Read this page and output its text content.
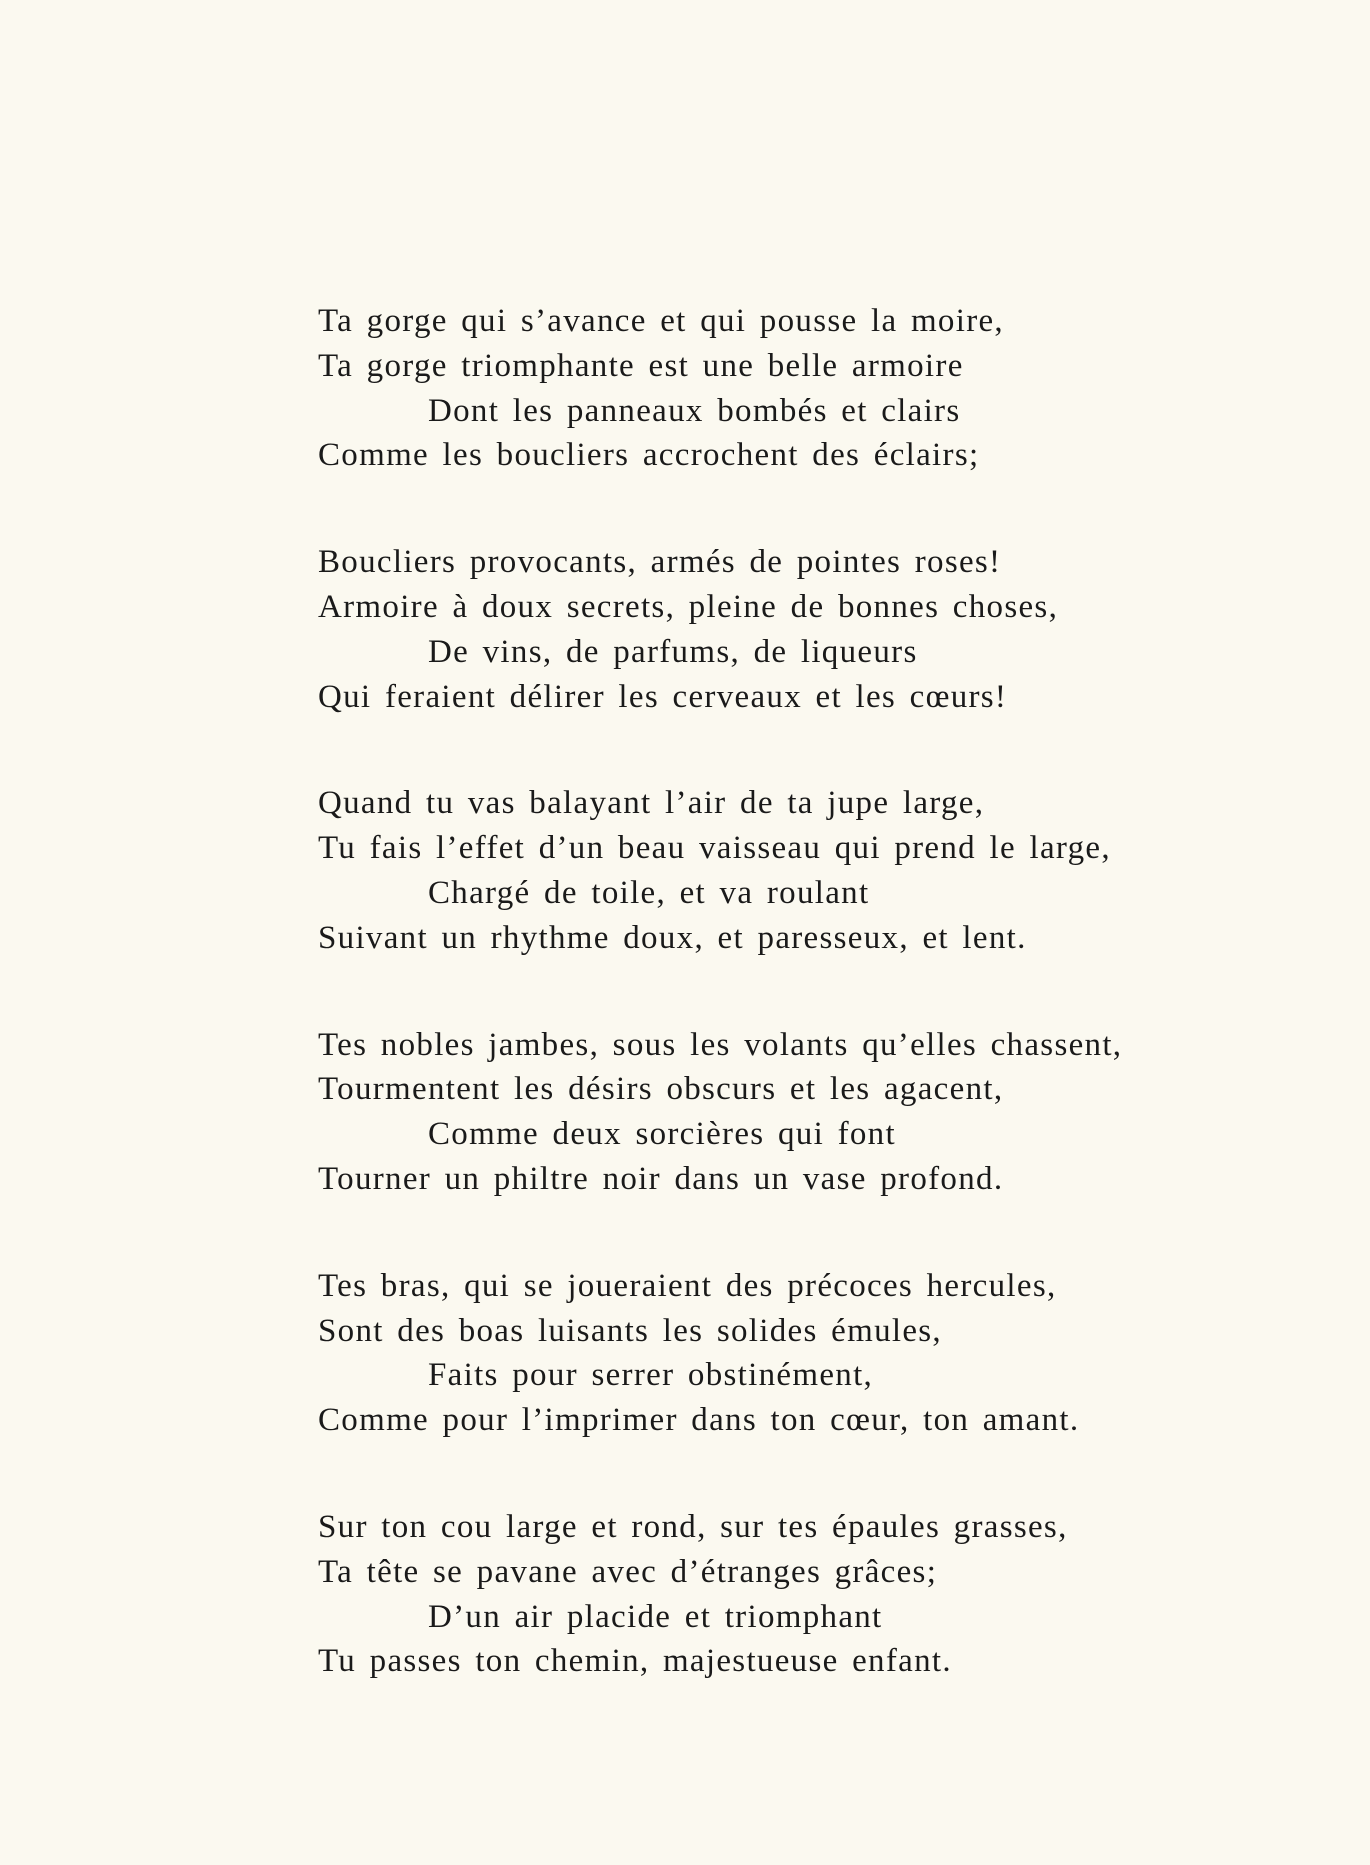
Ta gorge qui s’avance et qui pousse la moire,
Ta gorge triomphante est une belle armoire
Dont les panneaux bombés et clairs
Comme les boucliers accrochent des éclairs;
Boucliers provocants, armés de pointes roses!
Armoire à doux secrets, pleine de bonnes choses,
De vins, de parfums, de liqueurs
Qui feraient délirer les cerveaux et les cœurs!
Quand tu vas balayant l’air de ta jupe large,
Tu fais l’effet d’un beau vaisseau qui prend le large,
Chargé de toile, et va roulant
Suivant un rhythme doux, et paresseux, et lent.
Tes nobles jambes, sous les volants qu’elles chassent,
Tourmentent les désirs obscurs et les agacent,
Comme deux sorcières qui font
Tourner un philtre noir dans un vase profond.
Tes bras, qui se joueraient des précoces hercules,
Sont des boas luisants les solides émules,
Faits pour serrer obstinément,
Comme pour l’imprimer dans ton cœur, ton amant.
Sur ton cou large et rond, sur tes épaules grasses,
Ta tête se pavane avec d’étranges grâces;
D’un air placide et triomphant
Tu passes ton chemin, majestueuse enfant.
